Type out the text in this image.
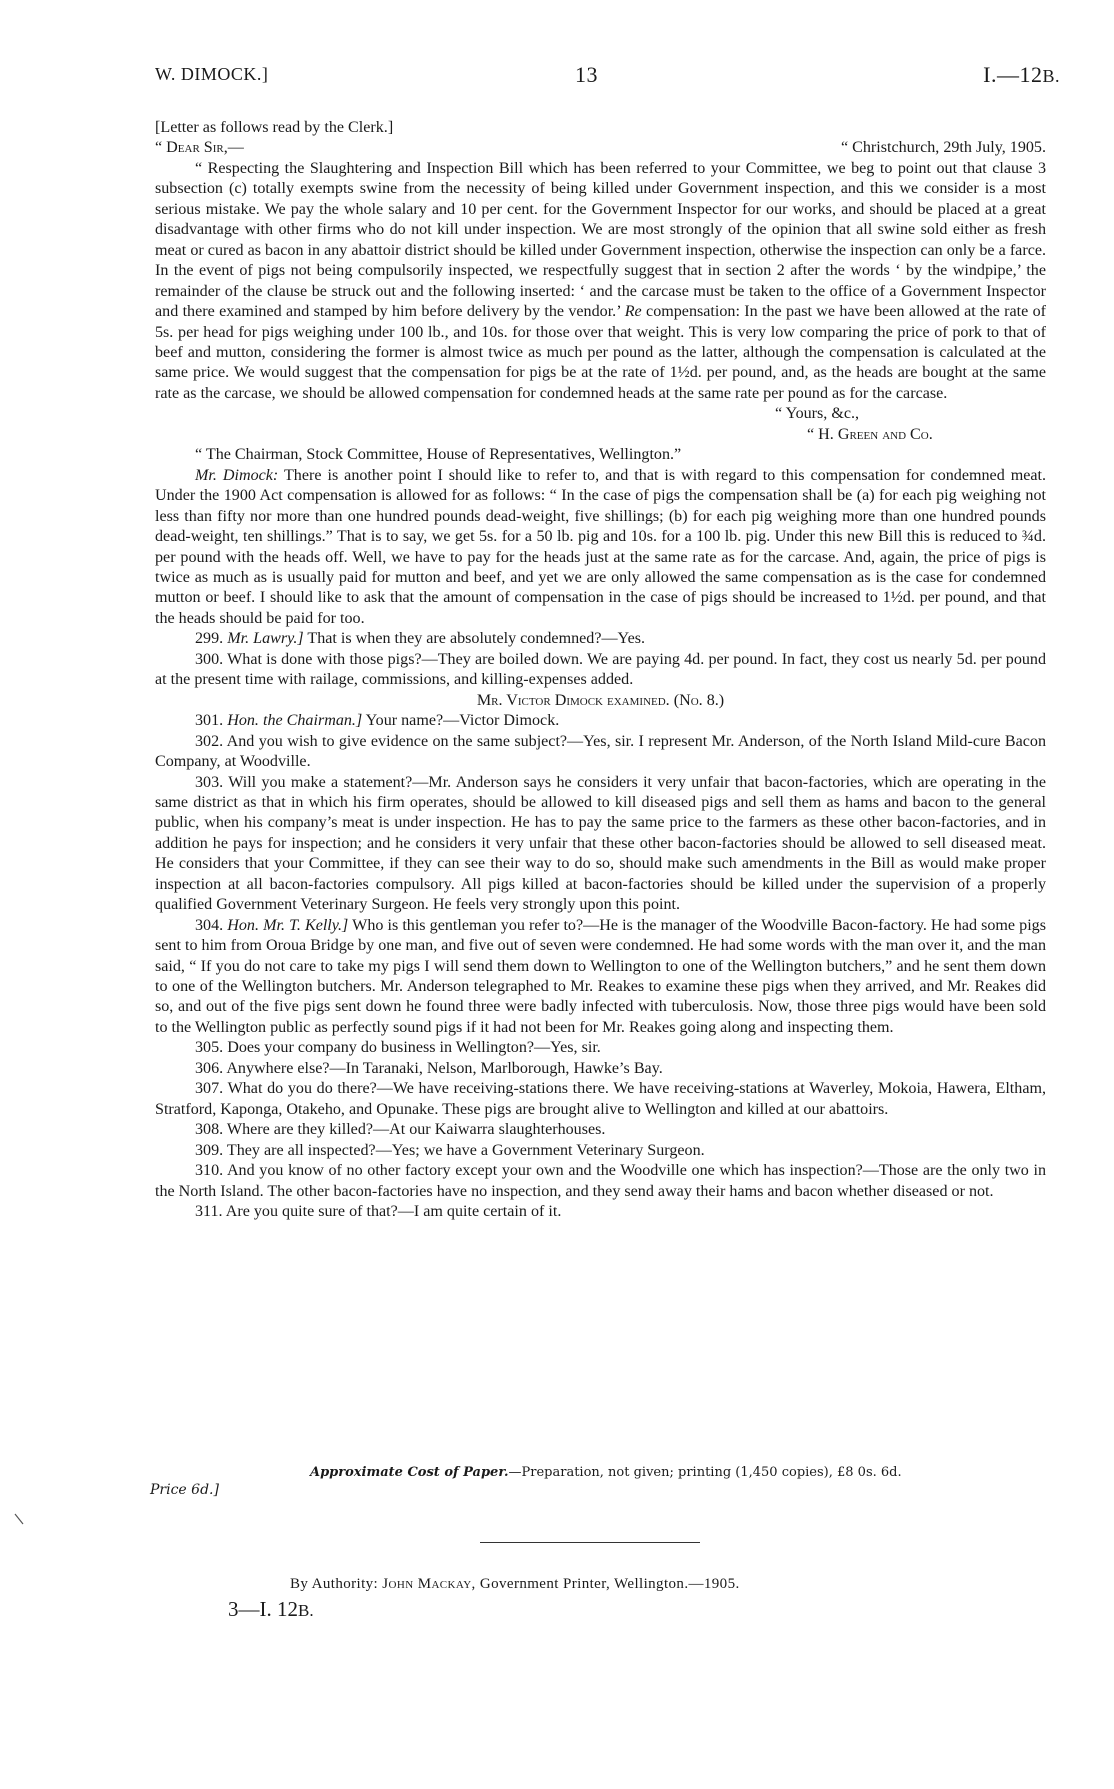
W. DIMOCK.]	13	I.—12B.

[Letter as follows read by the Clerk.]

“ Dear Sir,—	“ Christchurch, 29th July, 1905.

“ Respecting the Slaughtering and Inspection Bill which has been referred to your Committee, we beg to point out that clause 3 subsection (c) totally exempts swine from the necessity of being killed under Government inspection, and this we consider is a most serious mistake. We pay the whole salary and 10 per cent. for the Government Inspector for our works, and should be placed at a great disadvantage with other firms who do not kill under inspection. We are most strongly of the opinion that all swine sold either as fresh meat or cured as bacon in any abattoir district should be killed under Government inspection, otherwise the inspection can only be a farce. In the event of pigs not being compulsorily inspected, we respectfully suggest that in section 2 after the words ‘ by the windpipe,’ the remainder of the clause be struck out and the following inserted: ‘ and the carcase must be taken to the office of a Government Inspector and there examined and stamped by him before delivery by the vendor.’ Re compensation: In the past we have been allowed at the rate of 5s. per head for pigs weighing under 100 lb., and 10s. for those over that weight. This is very low comparing the price of pork to that of beef and mutton, considering the former is almost twice as much per pound as the latter, although the compensation is calculated at the same price. We would suggest that the compensation for pigs be at the rate of 1½d. per pound, and, as the heads are bought at the same rate as the carcase, we should be allowed compensation for condemned heads at the same rate per pound as for the carcase.

“ Yours, &c.,

“ H. Green and Co.

“ The Chairman, Stock Committee, House of Representatives, Wellington.”

Mr. Dimock: There is another point I should like to refer to, and that is with regard to this compensation for condemned meat. Under the 1900 Act compensation is allowed for as follows: “ In the case of pigs the compensation shall be (a) for each pig weighing not less than fifty nor more than one hundred pounds dead-weight, five shillings; (b) for each pig weighing more than one hundred pounds dead-weight, ten shillings.” That is to say, we get 5s. for a 50 lb. pig and 10s. for a 100 lb. pig. Under this new Bill this is reduced to ¾d. per pound with the heads off. Well, we have to pay for the heads just at the same rate as for the carcase. And, again, the price of pigs is twice as much as is usually paid for mutton and beef, and yet we are only allowed the same compensation as is the case for condemned mutton or beef. I should like to ask that the amount of compensation in the case of pigs should be increased to 1½d. per pound, and that the heads should be paid for too.

299. Mr. Lawry.] That is when they are absolutely condemned?—Yes.

300. What is done with those pigs?—They are boiled down. We are paying 4d. per pound. In fact, they cost us nearly 5d. per pound at the present time with railage, commissions, and killing-expenses added.

Mr. Victor Dimock examined. (No. 8.)

301. Hon. the Chairman.] Your name?—Victor Dimock.

302. And you wish to give evidence on the same subject?—Yes, sir. I represent Mr. Anderson, of the North Island Mild-cure Bacon Company, at Woodville.

303. Will you make a statement?—Mr. Anderson says he considers it very unfair that bacon-factories, which are operating in the same district as that in which his firm operates, should be allowed to kill diseased pigs and sell them as hams and bacon to the general public, when his company’s meat is under inspection. He has to pay the same price to the farmers as these other bacon-factories, and in addition he pays for inspection; and he considers it very unfair that these other bacon-factories should be allowed to sell diseased meat. He considers that your Committee, if they can see their way to do so, should make such amendments in the Bill as would make proper inspection at all bacon-factories compulsory. All pigs killed at bacon-factories should be killed under the supervision of a properly qualified Government Veterinary Surgeon. He feels very strongly upon this point.

304. Hon. Mr. T. Kelly.] Who is this gentleman you refer to?—He is the manager of the Woodville Bacon-factory. He had some pigs sent to him from Oroua Bridge by one man, and five out of seven were condemned. He had some words with the man over it, and the man said, “ If you do not care to take my pigs I will send them down to Wellington to one of the Wellington butchers,” and he sent them down to one of the Wellington butchers. Mr. Anderson telegraphed to Mr. Reakes to examine these pigs when they arrived, and Mr. Reakes did so, and out of the five pigs sent down he found three were badly infected with tuberculosis. Now, those three pigs would have been sold to the Wellington public as perfectly sound pigs if it had not been for Mr. Reakes going along and inspecting them.

305. Does your company do business in Wellington?—Yes, sir.

306. Anywhere else?—In Taranaki, Nelson, Marlborough, Hawke’s Bay.

307. What do you do there?—We have receiving-stations there. We have receiving-stations at Waverley, Mokoia, Hawera, Eltham, Stratford, Kaponga, Otakeho, and Opunake. These pigs are brought alive to Wellington and killed at our abattoirs.

308. Where are they killed?—At our Kaiwarra slaughterhouses.

309. They are all inspected?—Yes; we have a Government Veterinary Surgeon.

310. And you know of no other factory except your own and the Woodville one which has inspection?—Those are the only two in the North Island. The other bacon-factories have no inspection, and they send away their hams and bacon whether diseased or not.

311. Are you quite sure of that?—I am quite certain of it.

Approximate Cost of Paper.—Preparation, not given; printing (1,450 copies), £8 0s. 6d.
Price 6d.]
By Authority: John Mackay, Government Printer, Wellington.—1905.
3—I. 12B.
